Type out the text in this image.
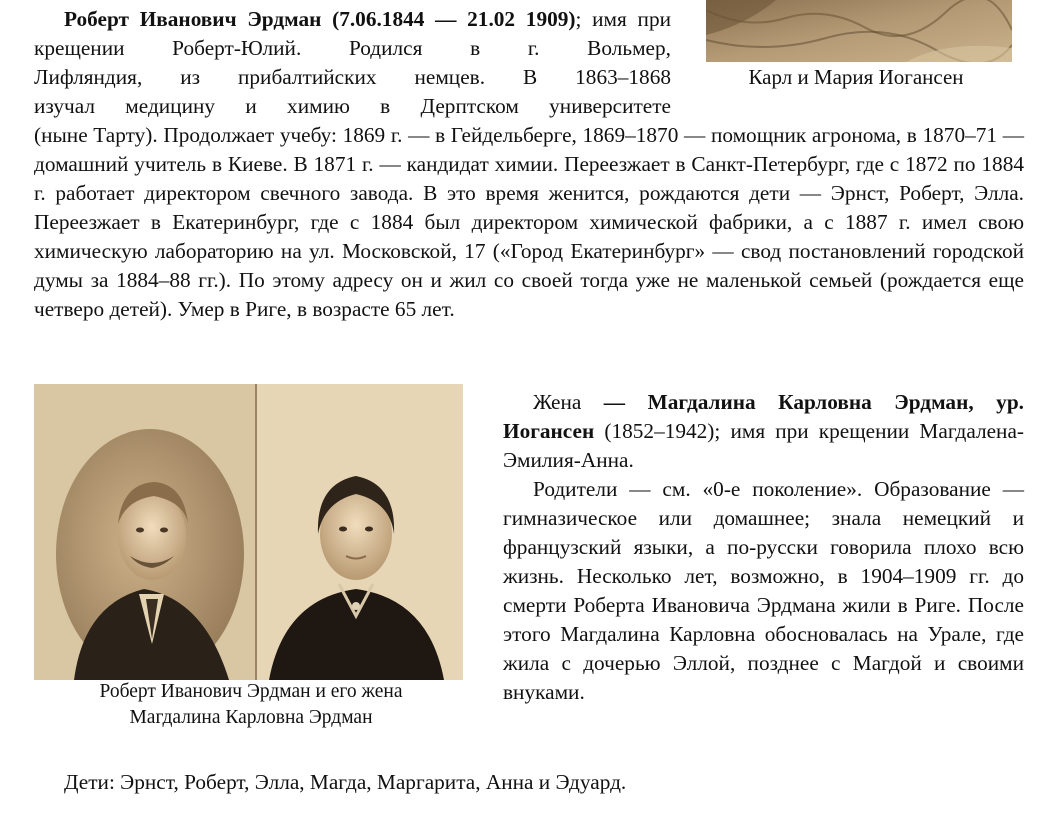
Карл и Мария Иогансен

Роберт Иванович Эрдман (7.06.1844 — 21.02 1909); имя при крещении Роберт-Юлий. Родился в г. Вольмер,

Лифляндия, из прибалтийских немцев. В 1863–1868

изучал медицину и химию в Дерптском университете

(ныне Тарту). Продолжает учебу: 1869 г. — в Гейдельберге, 1869–1870 — помощник агронома, в 1870–71 — домашний учитель в Киеве. В 1871 г. — кандидат химии. Переезжает в Санкт-Петербург, где с 1872 по 1884 г. работает директором свечного завода. В это время женится, рождаются дети — Эрнст, Роберт, Элла. Переезжает в Екатеринбург, где с 1884 был директором химической фабрики, а с 1887 г. имел свою химическую лабораторию на ул. Московской, 17 («Город Екатеринбург» — свод постановлений городской думы за 1884–88 гг.). По этому адресу он и жил со своей тогда уже не маленькой семьей (рождается еще четверо детей). Умер в Риге, в возрасте 65 лет.

Роберт Иванович Эрдман и его жена
Магдалина Карловна Эрдман

Жена — Магдалина Карловна Эрдман, ур. Иогансен (1852–1942); имя при крещении Магдалена-Эмилия-Анна.

Родители — см. «0-е поколение». Образование — гимназическое или домашнее; знала немецкий и французский языки, а по-русски говорила плохо всю жизнь. Несколько лет, возможно, в 1904–1909 гг. до смерти Роберта Ивановича Эрдмана жили в Риге. После этого Магдалина Карловна обосновалась на Урале, где жила с дочерью Эллой, позднее с Магдой и своими внуками.

Дети: Эрнст, Роберт, Элла, Магда, Маргарита, Анна и Эдуард.
